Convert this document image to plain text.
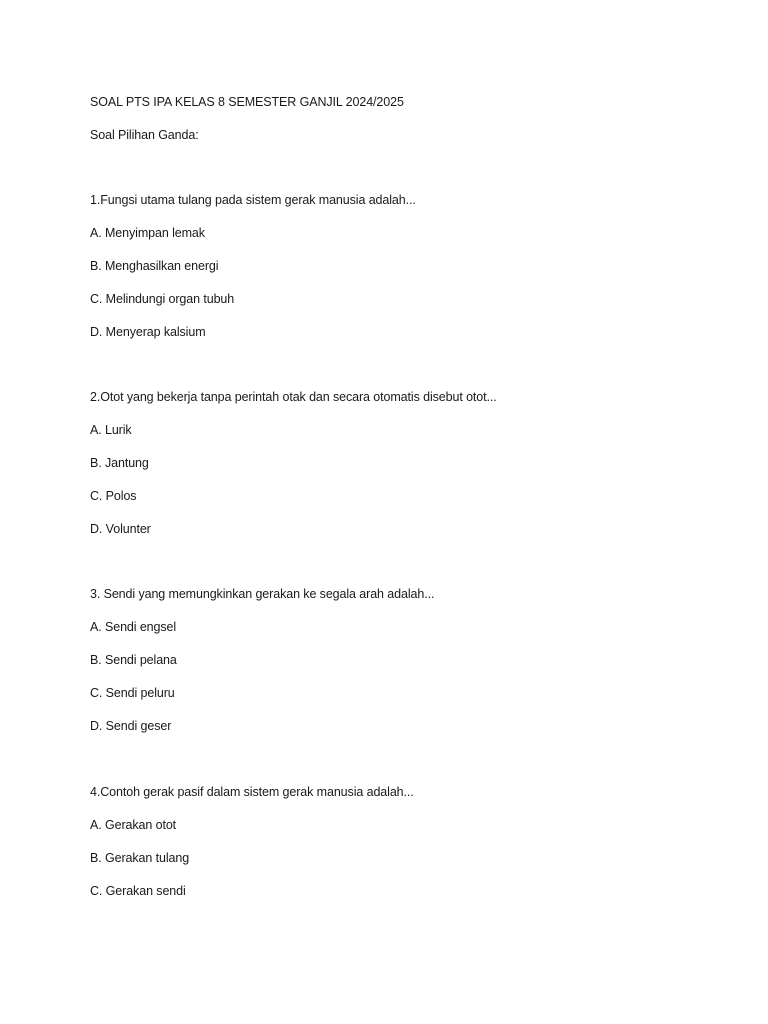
SOAL PTS IPA KELAS 8 SEMESTER GANJIL 2024/2025
Soal Pilihan Ganda:
1.Fungsi utama tulang pada sistem gerak manusia adalah...
A. Menyimpan lemak
B. Menghasilkan energi
C. Melindungi organ tubuh
D. Menyerap kalsium
2.Otot yang bekerja tanpa perintah otak dan secara otomatis disebut otot...
A. Lurik
B. Jantung
C. Polos
D. Volunter
3. Sendi yang memungkinkan gerakan ke segala arah adalah...
A. Sendi engsel
B. Sendi pelana
C. Sendi peluru
D. Sendi geser
4.Contoh gerak pasif dalam sistem gerak manusia adalah...
A. Gerakan otot
B. Gerakan tulang
C. Gerakan sendi
